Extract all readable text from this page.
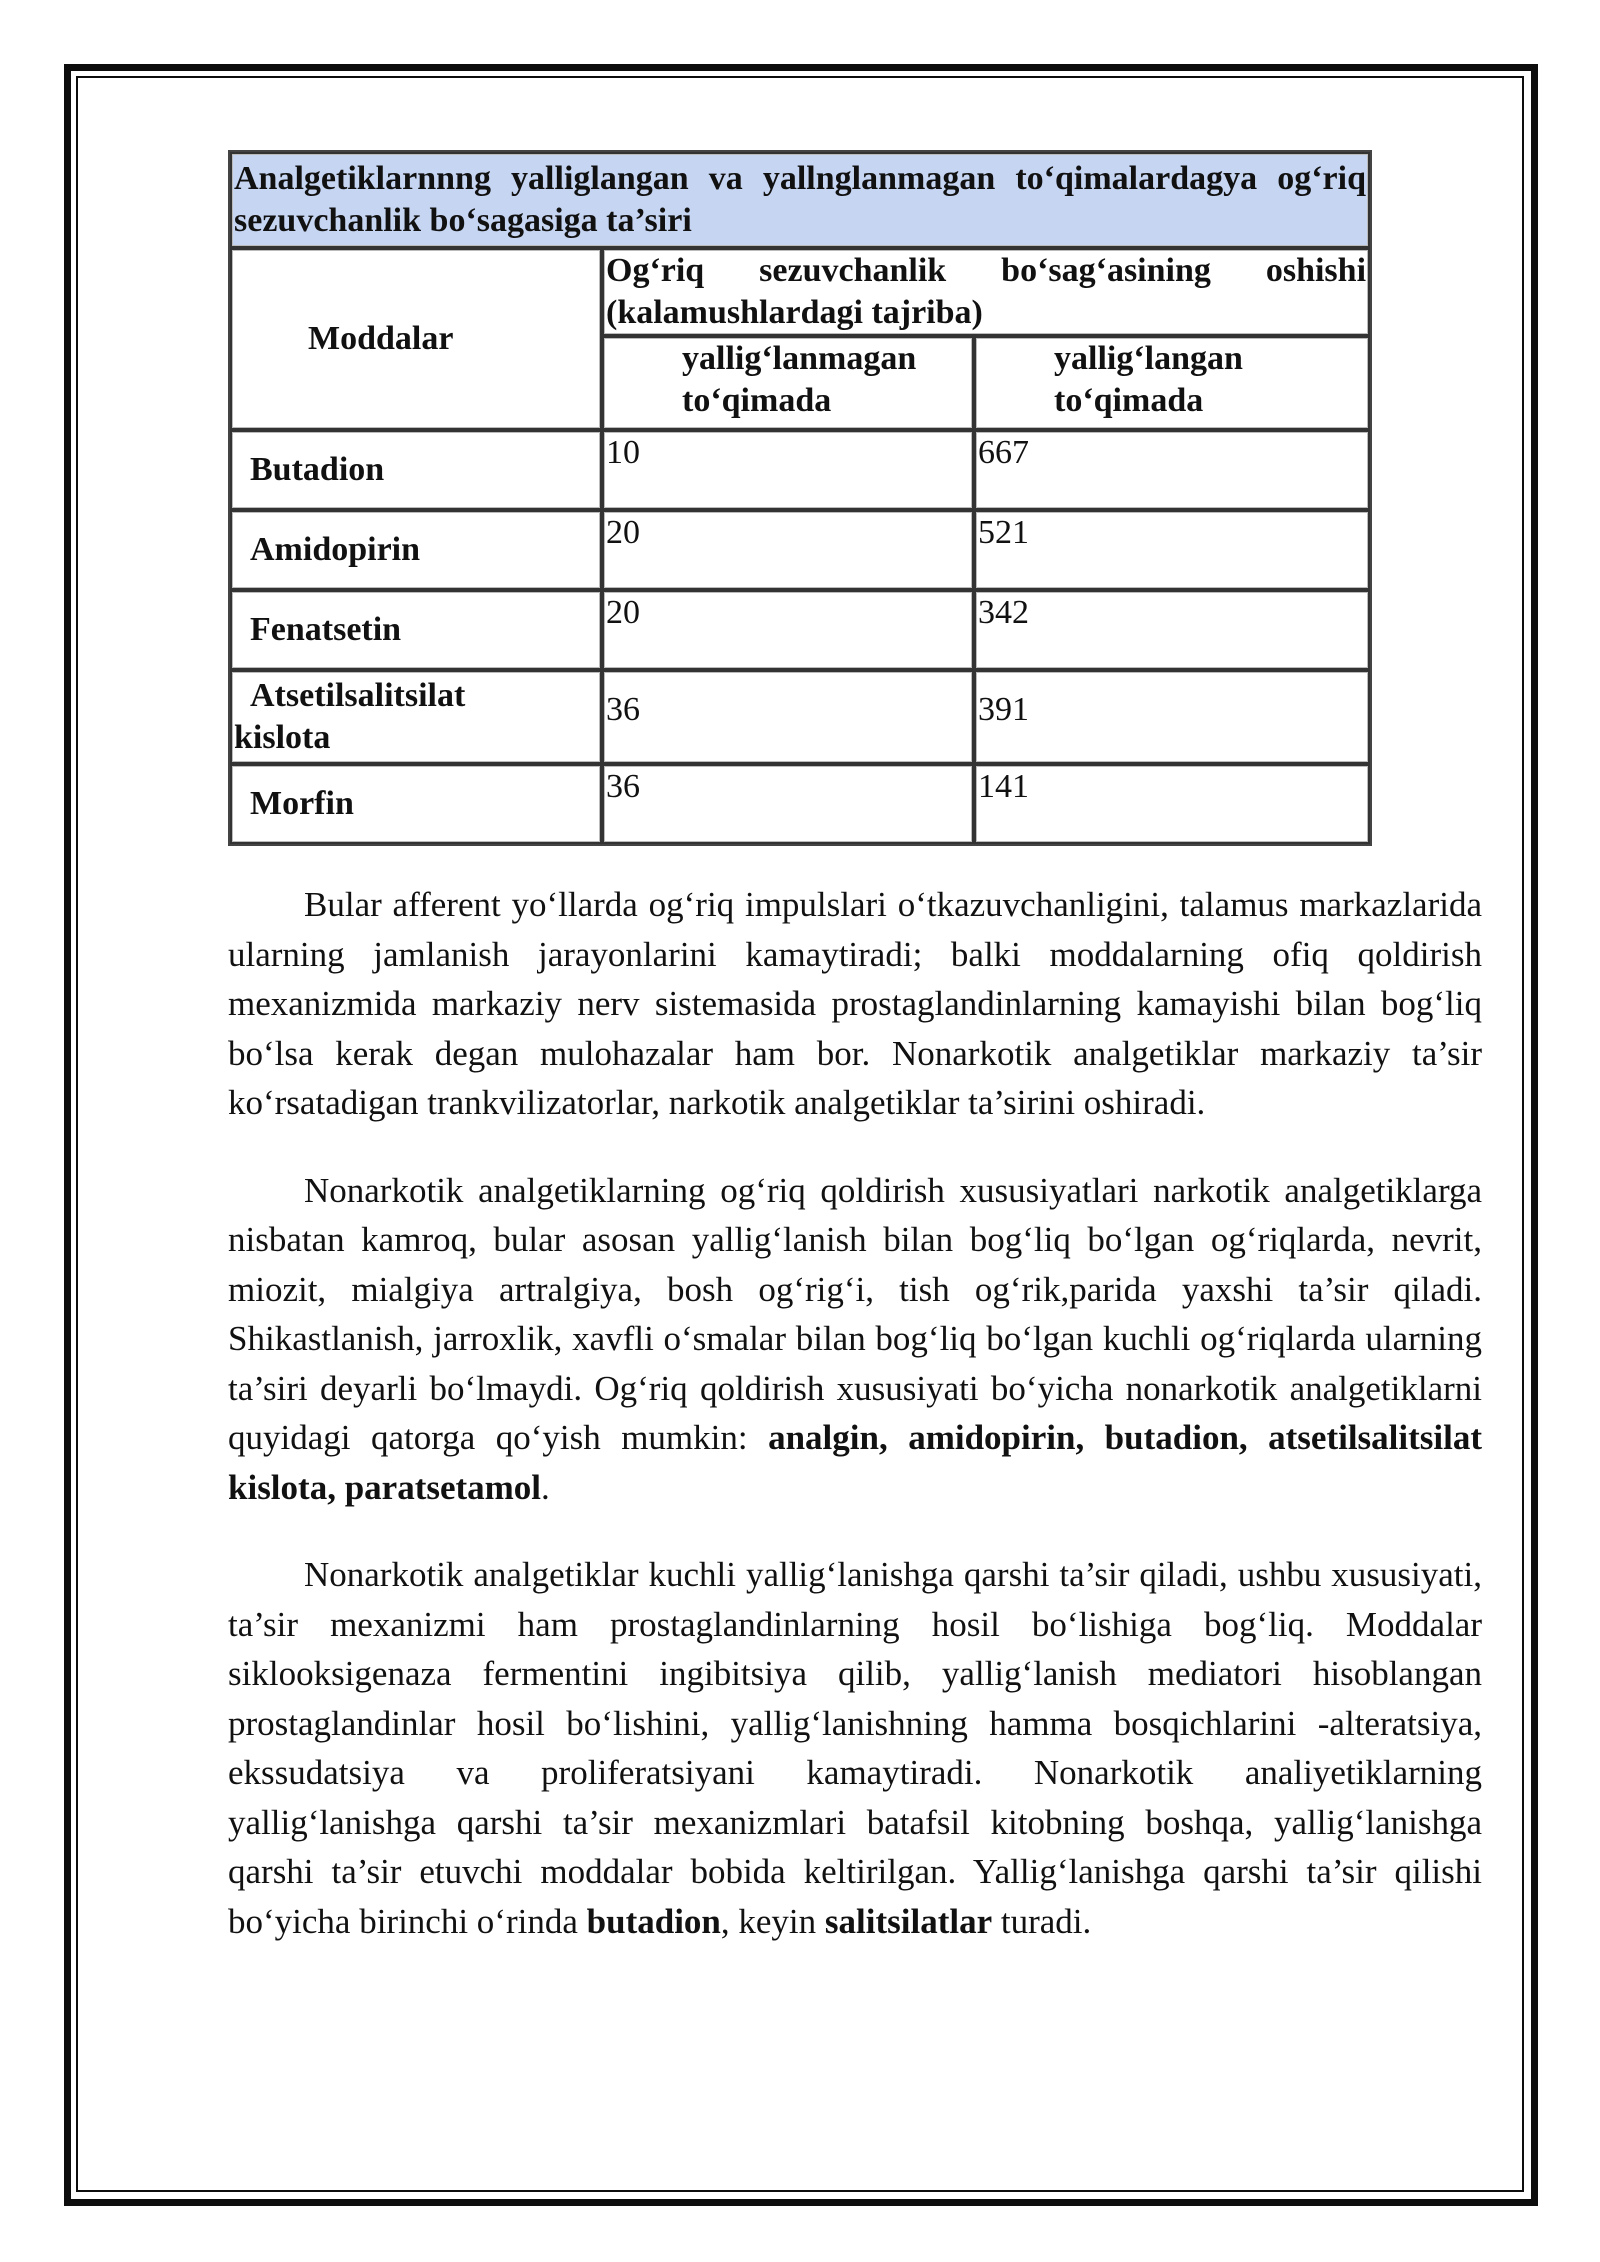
Analgetiklarnnng yalliglangan va yallnglanmagan to‘qimalardagya og‘riq sezuvchanlik bo‘sagasiga ta’siri		
Moddalar	Og‘riq sezuvchanlik bo‘sag‘asining oshishi (kalamushlardagi tajriba)	

	yallig‘lanmagan to‘qimada	yallig‘langan to‘qimada

Butadion	10	667

Amidopirin	20	521

Fenatsetin	20	342

Atsetilsalitsilat
kislota	36	391

Morfin	36	141

Bular afferent yo‘llarda og‘riq impulslari o‘tkazuvchanligini, talamus markazlarida ularning jamlanish jarayonlarini kamaytiradi; balki moddalarning ofiq qoldirish mexanizmida markaziy nerv sistemasida prostaglandinlarning kamayishi bilan bog‘liq bo‘lsa kerak degan mulohazalar ham bor. Nonarkotik analgetiklar markaziy ta’sir ko‘rsatadigan trankvilizatorlar, narkotik analgetiklar ta’sirini oshiradi.

Nonarkotik analgetiklarning og‘riq qoldirish xususiyatlari narkotik analgetiklarga nisbatan kamroq, bular asosan yallig‘lanish bilan bog‘liq bo‘lgan og‘riqlarda, nevrit, miozit, mialgiya artralgiya, bosh og‘rig‘i, tish og‘rik,parida yaxshi ta’sir qiladi. Shikastlanish, jarroxlik, xavfli o‘smalar bilan bog‘liq bo‘lgan kuchli og‘riqlarda ularning ta’siri deyarli bo‘lmaydi. Og‘riq qoldirish xususiyati bo‘yicha nonarkotik analgetiklarni quyidagi qatorga qo‘yish mumkin: analgin, amidopirin, butadion, atsetilsalitsilat kislota, paratsetamol.

Nonarkotik analgetiklar kuchli yallig‘lanishga qarshi ta’sir qiladi, ushbu xususiyati, ta’sir mexanizmi ham prostaglandinlarning hosil bo‘lishiga bog‘liq. Moddalar siklooksigenaza fermentini ingibitsiya qilib, yallig‘lanish mediatori hisoblangan prostaglandinlar hosil bo‘lishini, yallig‘lanishning hamma bosqichlarini -alteratsiya, ekssudatsiya va proliferatsiyani kamaytiradi. Nonarkotik analiyetiklarning yallig‘lanishga qarshi ta’sir mexanizmlari batafsil kitobning boshqa, yallig‘lanishga qarshi ta’sir etuvchi moddalar bobida keltirilgan. Yallig‘lanishga qarshi ta’sir qilishi bo‘yicha birinchi o‘rinda butadion, keyin salitsilatlar turadi.
